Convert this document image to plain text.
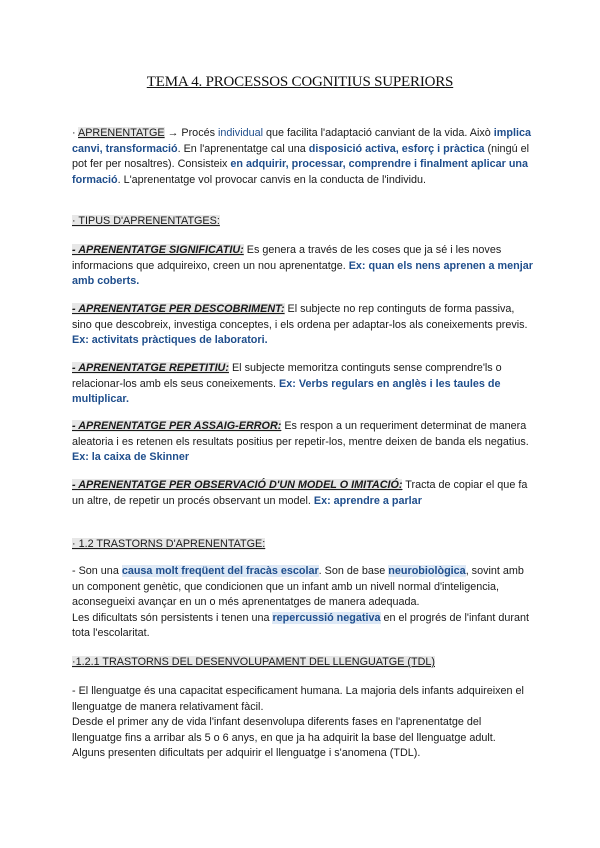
TEMA 4. PROCESSOS COGNITIUS SUPERIORS

· APRENENTATGE → Procés individual que facilita l'adaptació canviant de la vida. Això implica canvi, transformació. En l'aprenentatge cal una disposició activa, esforç i pràctica (ningú el pot fer per nosaltres). Consisteix en adquirir, processar, comprendre i finalment aplicar una formació. L'aprenentatge vol provocar canvis en la conducta de l'individu.

· TIPUS D'APRENENTATGES:

- APRENENTATGE SIGNIFICATIU: Es genera a través de les coses que ja sé i les noves informacions que adquireixo, creen un nou aprenentatge. Ex: quan els nens aprenen a menjar amb coberts.

- APRENENTATGE PER DESCOBRIMENT: El subjecte no rep continguts de forma passiva, sino que descobreix, investiga conceptes, i els ordena per adaptar-los als coneixements previs. Ex: activitats pràctiques de laboratori.

- APRENENTATGE REPETITIU: El subjecte memoritza continguts sense comprendre'ls o relacionar-los amb els seus coneixements. Ex: Verbs regulars en anglès i les taules de multiplicar.

- APRENENTATGE PER ASSAIG-ERROR: Es respon a un requeriment determinat de manera aleatoria i es retenen els resultats positius per repetir-los, mentre deixen de banda els negatius. Ex: la caixa de Skinner

- APRENENTATGE PER OBSERVACIÓ D'UN MODEL O IMITACIÓ: Tracta de copiar el que fa un altre, de repetir un procés observant un model. Ex: aprendre a parlar

· 1.2 TRASTORNS D'APRENENTATGE:

- Son una causa molt freqüent del fracàs escolar. Son de base neurobiològica, sovint amb un component genètic, que condicionen que un infant amb un nivell normal d'inteligencia, aconsegueixi avançar en un o més aprenentatges de manera adequada.

Les dificultats són persistents i tenen una repercussió negativa en el progrés de l'infant durant tota l'escolaritat.

·1.2.1 TRASTORNS DEL DESENVOLUPAMENT DEL LLENGUATGE (TDL)

- El llenguatge és una capacitat especificament humana. La majoria dels infants adquireixen el llenguatge de manera relativament fàcil.

Desde el primer any de vida l'infant desenvolupa diferents fases en l'aprenentatge del llenguatge fins a arribar als 5 o 6 anys, en que ja ha adquirit la base del llenguatge adult.

Alguns presenten dificultats per adquirir el llenguatge i s'anomena (TDL).
